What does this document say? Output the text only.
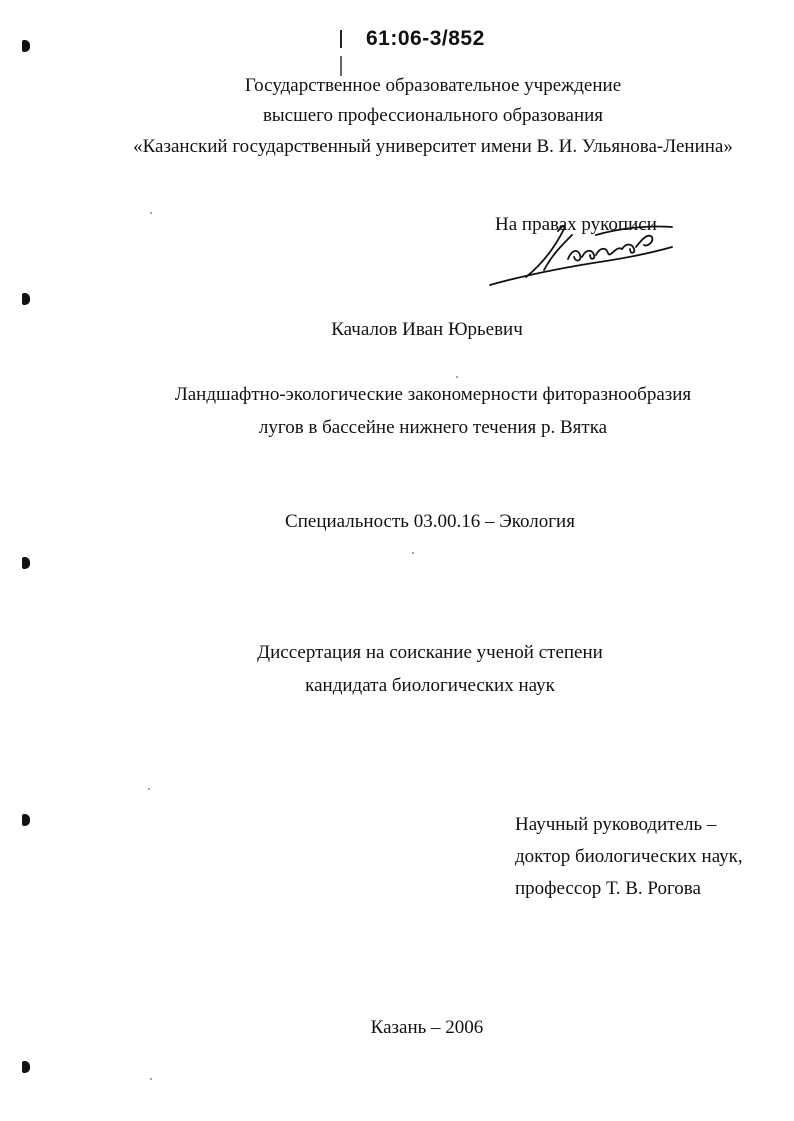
61:06-3/852
Государственное образовательное учреждение
высшего профессионального образования
«Казанский государственный университет имени В. И. Ульянова-Ленина»
На правах рукописи
Качалов Иван Юрьевич
Ландшафтно-экологические закономерности фиторазнообразия
лугов в бассейне нижнего течения р. Вятка
Специальность 03.00.16 – Экология
Диссертация на соискание ученой степени
кандидата биологических наук
Научный руководитель –
доктор биологических наук,
профессор Т. В. Рогова
Казань – 2006
